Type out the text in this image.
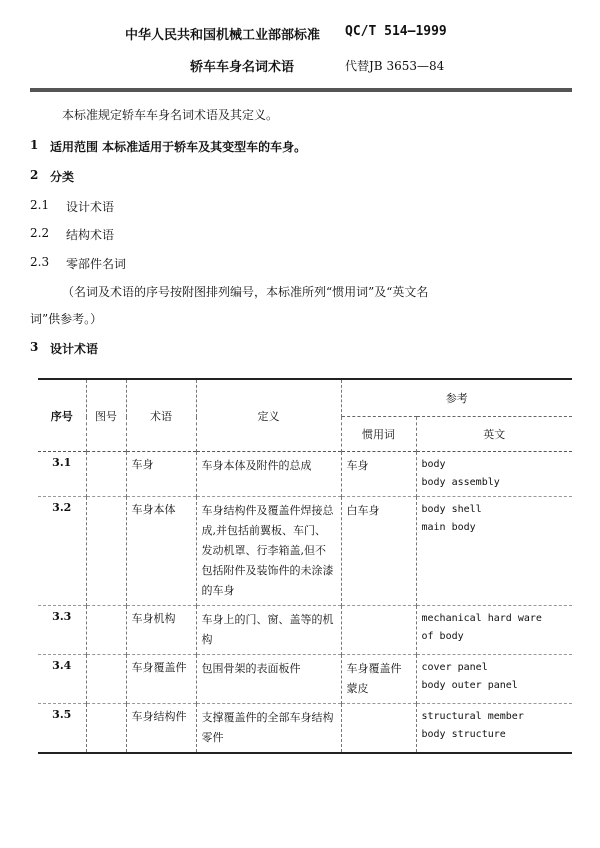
中华人民共和国机械工业部部标准 QC/T 514—1999
轿车车身名词术语	代替JB 3653—84
本标准规定轿车车身名词术语及其定义。
1 适用范围 本标准适用于轿车及其变型车的车身。
2 分类
2.1 设计术语
2.2 结构术语
2.3 零部件名词
（名词及术语的序号按附图排列编号，本标准所列“惯用词”及“英文名
词”供参考。）
3 设计术语
序号	图号	术语	定义	参考	
				惯用词	英文
3.1		车身	车身本体及附件的总成	车身	body
body assembly

3.2		车身本体	车身结构件及覆盖件焊接总成,并包括前翼板、车门、发动机罩、行李箱盖,但不包括附件及装饰件的未涂漆的车身	白车身	body shell
main body

3.3		车身机构	车身上的门、窗、盖等的机构		mechanical hard ware
of body

3.4		车身覆盖件	包围骨架的表面板件	车身覆盖件蒙皮	cover panel
body outer panel

3.5		车身结构件	支撑覆盖件的全部车身结构零件		structural member
body structure
